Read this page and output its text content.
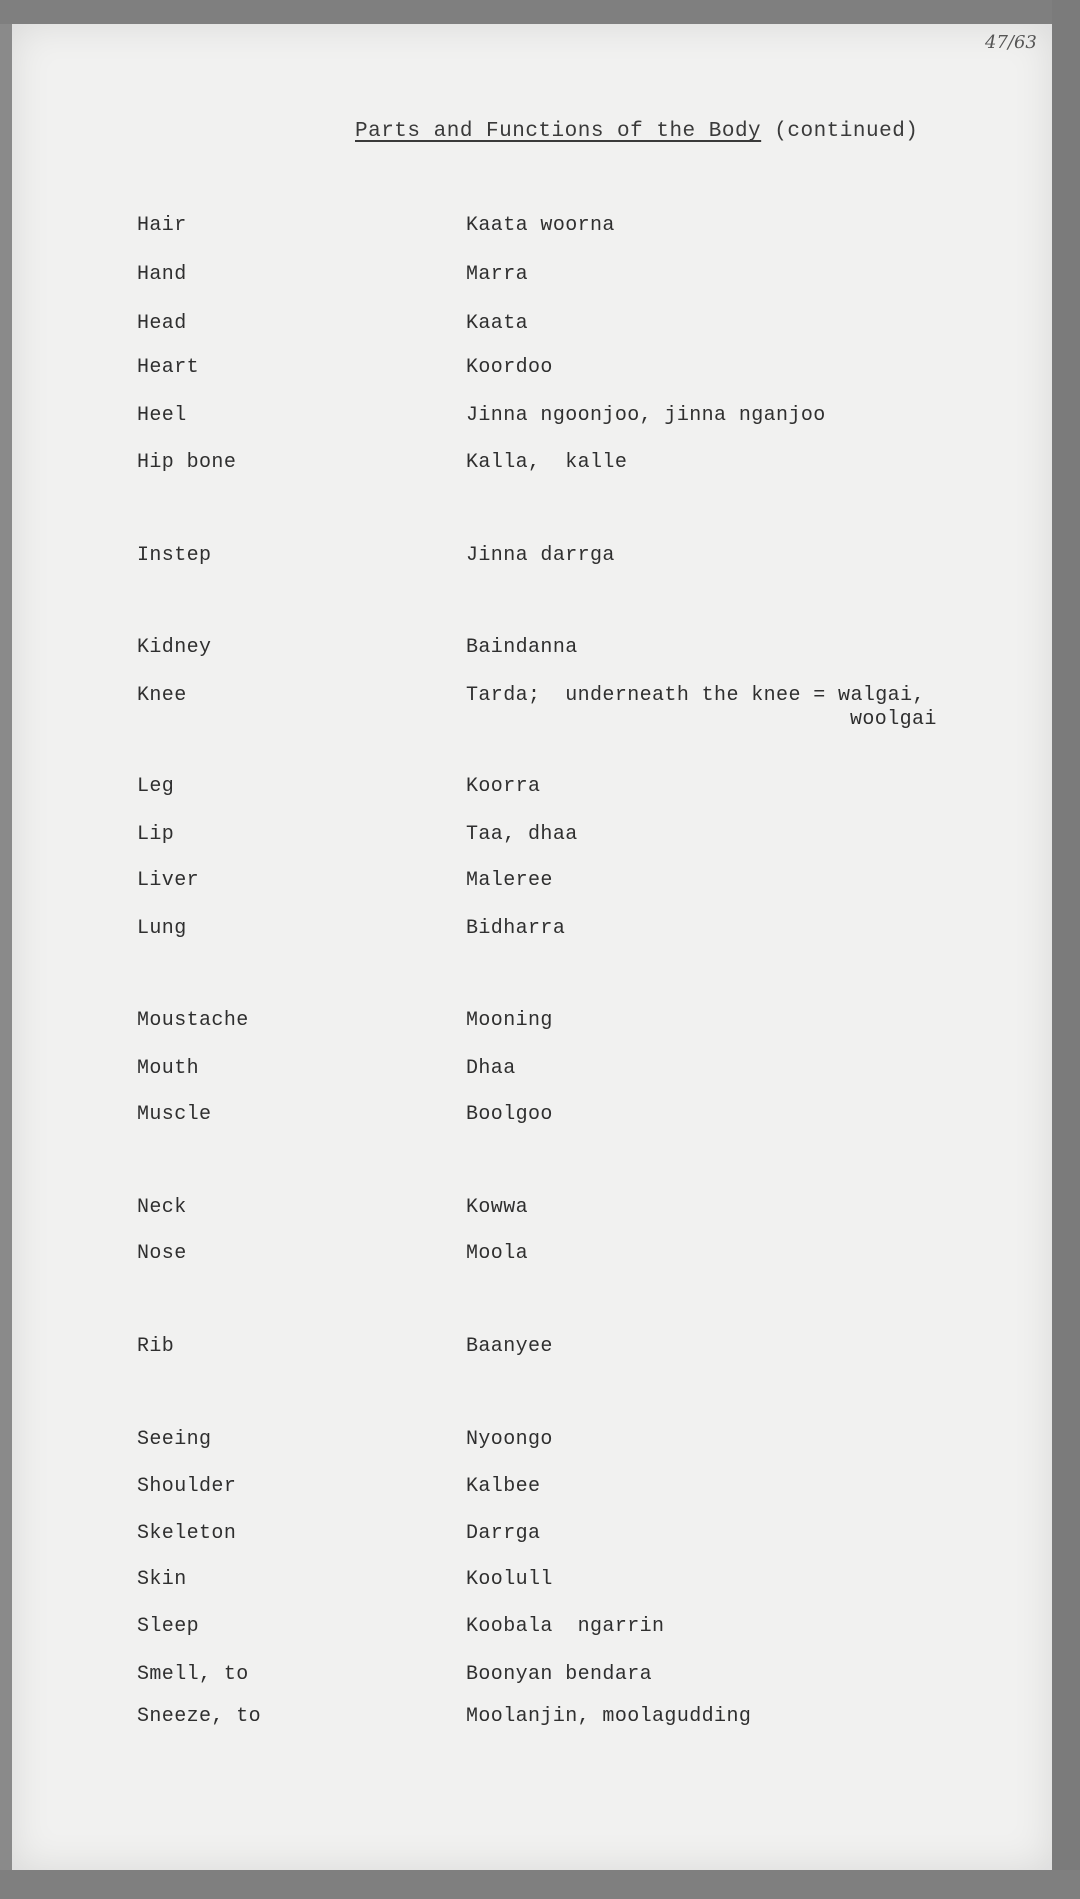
47/63
Parts and Functions of the Body (continued)
Hair	Kaata woorna
Hand	Marra
Head	Kaata
Heart	Koordoo
Heel	Jinna ngoonjoo, jinna nganjoo
Hip bone	Kalla,  kalle
Instep	Jinna darrga
Kidney	Baindanna
Knee	Tarda;  underneath the knee = walgai,
woolgai
Leg	Koorra
Lip	Taa, dhaa
Liver	Maleree
Lung	Bidharra
Moustache	Mooning
Mouth	Dhaa
Muscle	Boolgoo
Neck	Kowwa
Nose	Moola
Rib	Baanyee
Seeing	Nyoongo
Shoulder	Kalbee
Skeleton	Darrga
Skin	Koolull
Sleep	Koobala  ngarrin
Smell, to	Boonyan bendara
Sneeze, to	Moolanjin, moolagudding
